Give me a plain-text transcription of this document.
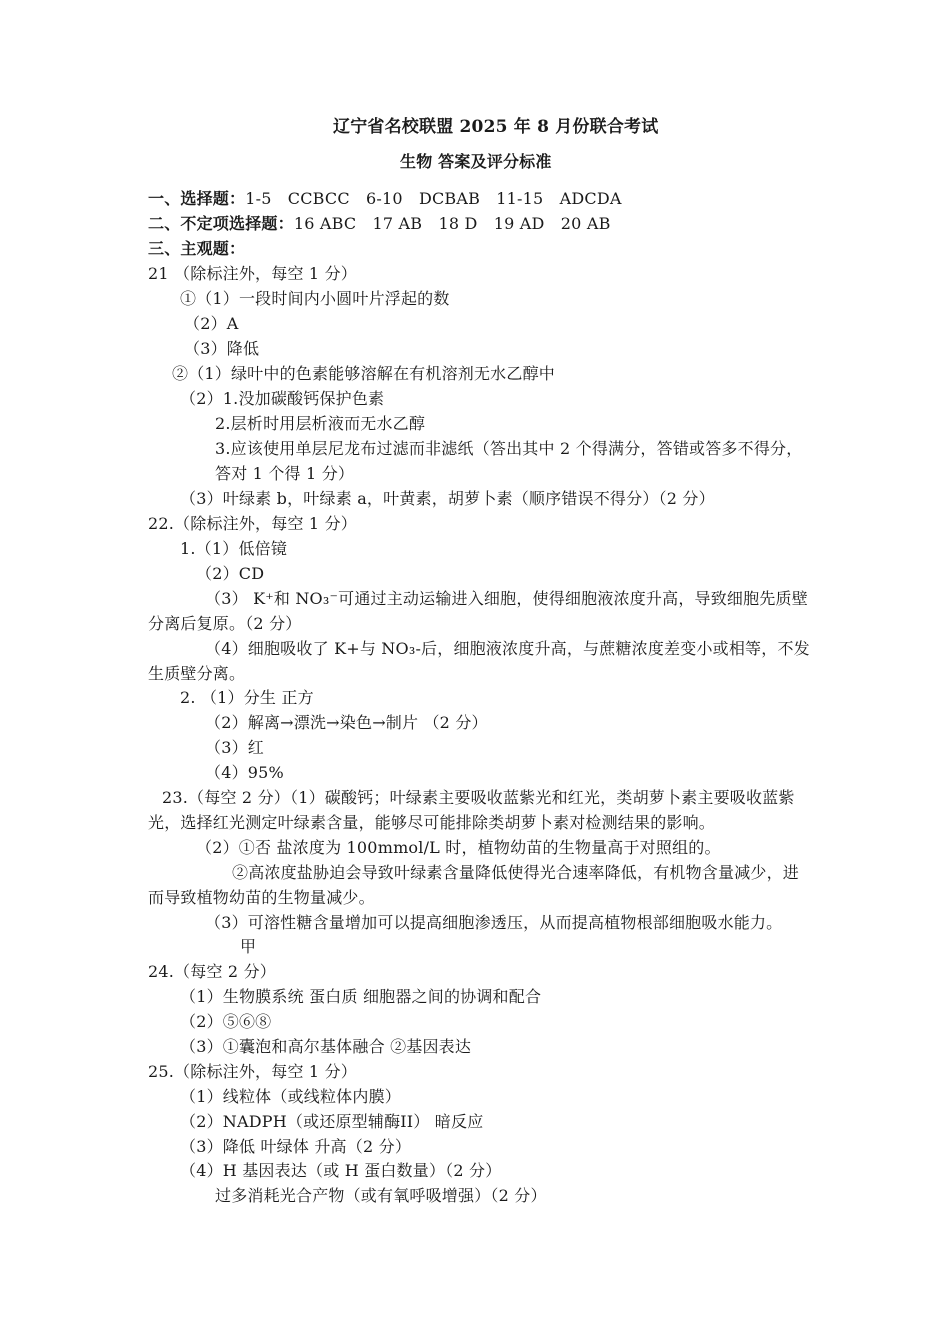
辽宁省名校联盟 2025 年 8 月份联合考试
生物 答案及评分标准
一、选择题：1-5　CCBCC　6-10　DCBAB　11-15　ADCDA
二、不定项选择题：16 ABC　17 AB　18 D　19 AD　20 AB
三、主观题：
21 （除标注外，每空 1 分）
①（1）一段时间内小圆叶片浮起的数
（2）A
（3）降低
②（1）绿叶中的色素能够溶解在有机溶剂无水乙醇中
（2）1.没加碳酸钙保护色素
2.层析时用层析液而无水乙醇
3.应该使用单层尼龙布过滤而非滤纸（答出其中 2 个得满分，答错或答多不得分，
答对 1 个得 1 分）
（3）叶绿素 b，叶绿素 a，叶黄素，胡萝卜素（顺序错误不得分）（2 分）
22.（除标注外，每空 1 分）
1.（1）低倍镜
（2）CD
（3） K⁺和 NO₃⁻可通过主动运输进入细胞，使得细胞液浓度升高，导致细胞先质壁
分离后复原。（2 分）
（4）细胞吸收了 K+与 NO₃-后，细胞液浓度升高，与蔗糖浓度差变小或相等，不发
生质壁分离。
2. （1）分生 正方
（2）解离→漂洗→染色→制片 （2 分）
（3）红
（4）95%
23.（每空 2 分）（1）碳酸钙；叶绿素主要吸收蓝紫光和红光，类胡萝卜素主要吸收蓝紫
光，选择红光测定叶绿素含量，能够尽可能排除类胡萝卜素对检测结果的影响。
（2）①否 盐浓度为 100mmol/L 时，植物幼苗的生物量高于对照组的。
②高浓度盐胁迫会导致叶绿素含量降低使得光合速率降低，有机物含量减少，进
而导致植物幼苗的生物量减少。
（3）可溶性糖含量增加可以提高细胞渗透压，从而提高植物根部细胞吸水能力。
甲
24.（每空 2 分）
（1）生物膜系统 蛋白质 细胞器之间的协调和配合
（2）⑤⑥⑧
（3）①囊泡和高尔基体融合 ②基因表达
25.（除标注外，每空 1 分）
（1）线粒体（或线粒体内膜）
（2）NADPH（或还原型辅酶II） 暗反应
（3）降低 叶绿体 升高（2 分）
（4）H 基因表达（或 H 蛋白数量）（2 分）
过多消耗光合产物（或有氧呼吸增强）（2 分）
